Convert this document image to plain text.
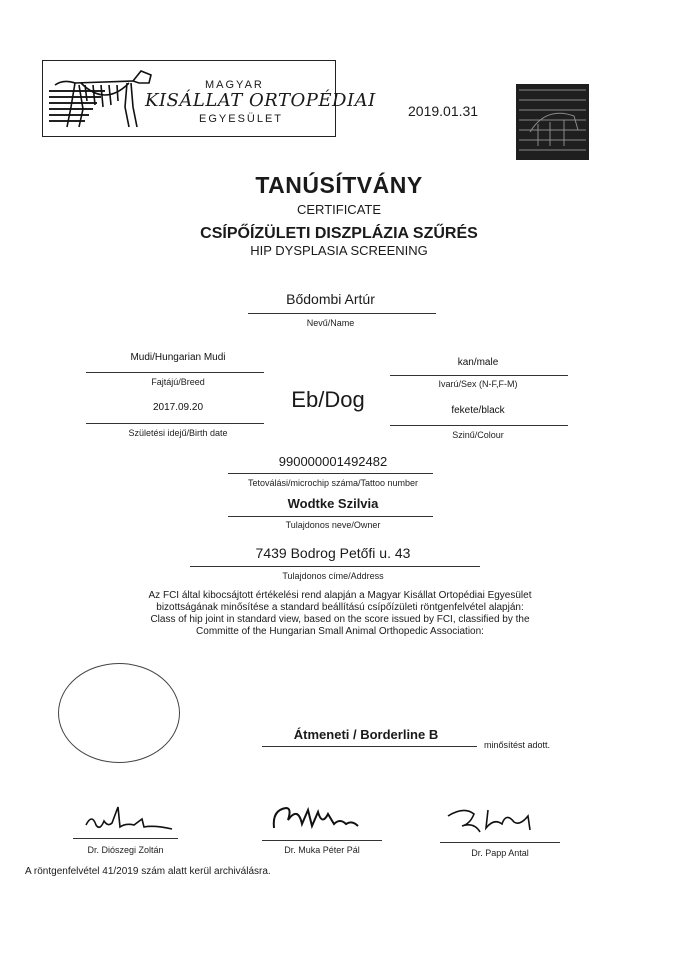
MAGYAR
KISÁLLAT ORTOPÉDIAI
EGYESÜLET	2019.01.31
TANÚSÍTVÁNY
CERTIFICATE
CSÍPŐÍZÜLETI DISZPLÁZIA SZŰRÉS
HIP DYSPLASIA SCREENING
Bődombi Artúr
Nevű/Name
Mudi/Hungarian Mudi
Fajtájú/Breed
2017.09.20
Születési idejű/Birth date
kan/male
Ivarú/Sex (N-F,F-M)
fekete/black
Szinű/Colour
Eb/Dog
990000001492482
Tetoválási/microchip száma/Tattoo number
Wodtke Szilvia
Tulajdonos neve/Owner
7439 Bodrog Petőfi u. 43
Tulajdonos címe/Address
Az FCI által kibocsájtott értékelési rend alapján a Magyar Kisállat Ortopédiai Egyesület
bizottságának minősítése a standard beállítású csípőízületi röntgenfelvétel alapján:
Class of hip joint in standard view, based on the score issued by FCI, classified by the
Committe of the Hungarian Small Animal Orthopedic Association:
Átmeneti / Borderline B
minősítést adott.
Dr. Diószegi Zoltán	Dr. Muka Péter Pál	Dr. Papp Antal
A röntgenfelvétel 41/2019 szám alatt kerül archiválásra.
